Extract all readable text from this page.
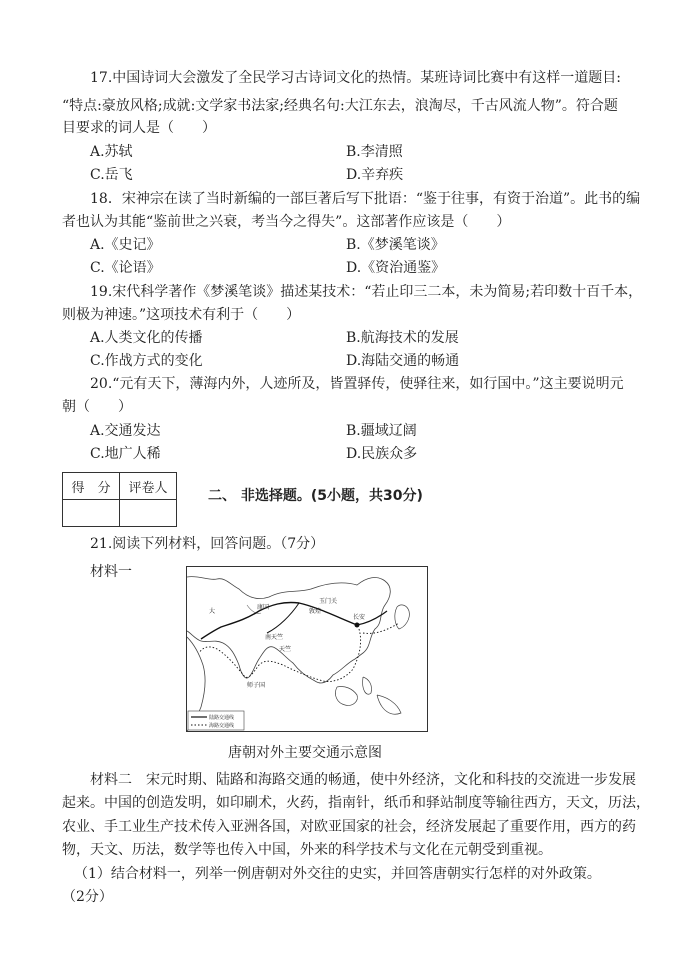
17.中国诗词大会激发了全民学习古诗词文化的热情。某班诗词比赛中有这样一道题目:
“特点:豪放风格;成就:文学家书法家;经典名句:大江东去，浪淘尽，千古风流人物”。符合题
目要求的词人是（　　）
A.苏轼	B.李清照
C.岳飞	D.辛弃疾
18．宋神宗在读了当时新编的一部巨著后写下批语：“鉴于往事，有资于治道”。此书的编
者也认为其能“鉴前世之兴衰，考当今之得失”。这部著作应该是（　　）
A.《史记》	B.《梦溪笔谈》
C.《论语》	D.《资治通鉴》
19.宋代科学著作《梦溪笔谈》描述某技术：“若止印三二本，未为简易;若印数十百千本，
则极为神速。”这项技术有利于（　　）
A.人类文化的传播	B.航海技术的发展
C.作战方式的变化	D.海陆交通的畅通
20.“元有天下，薄海内外，人迹所及，皆置驿传，使驿往来，如行国中。”这主要说明元
朝（　　）
A.交通发达	B.疆域辽阔
C.地广人稀	D.民族众多
得　分	评卷人
		二、 非选择题。(5小题，共30分)
21.阅读下列材料，回答问题。（7分）
材料一
大
康国
敦煌
玉门关
长安
天竺
南天竺
师子国
陆路交通线
海路交通线
唐朝对外主要交通示意图
材料二　宋元时期、陆路和海路交通的畅通，使中外经济，文化和科技的交流进一步发展
起来。中国的创造发明，如印刷术，火药，指南针，纸币和驿站制度等输往西方，天文，历法，
农业、手工业生产技术传入亚洲各国，对欧亚国家的社会，经济发展起了重要作用，西方的药
物，天文、历法，数学等也传入中国，外来的科学技术与文化在元朝受到重视。
（1）结合材料一，列举一例唐朝对外交往的史实，并回答唐朝实行怎样的对外政策。
（2分）
